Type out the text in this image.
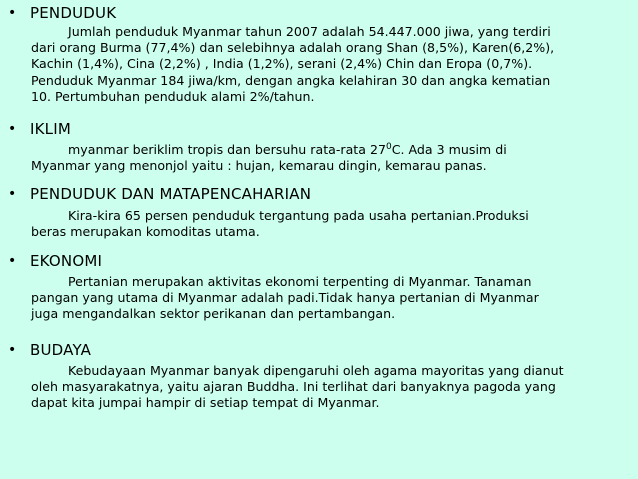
• PENDUDUK
Jumlah penduduk Myanmar tahun 2007 adalah 54.447.000 jiwa, yang terdiri
dari orang Burma (77,4%) dan selebihnya adalah orang Shan (8,5%), Karen(6,2%),
Kachin (1,4%), Cina (2,2%) , India (1,2%), serani (2,4%) Chin dan Eropa (0,7%).
Penduduk Myanmar 184 jiwa/km, dengan angka kelahiran 30 dan angka kematian
10. Pertumbuhan penduduk alami 2%/tahun.
• IKLIM
myanmar beriklim tropis dan bersuhu rata-rata $27^0C$. Ada 3 musim di
Myanmar yang menonjol yaitu : hujan, kemarau dingin, kemarau panas.
• PENDUDUK DAN MATAPENCAHARIAN
Kira-kira 65 persen penduduk tergantung pada usaha pertanian.Produksi
beras merupakan komoditas utama.
• EKONOMI
Pertanian merupakan aktivitas ekonomi terpenting di Myanmar. Tanaman
pangan yang utama di Myanmar adalah padi.Tidak hanya pertanian di Myanmar
juga mengandalkan sektor perikanan dan pertambangan.
• BUDAYA
Kebudayaan Myanmar banyak dipengaruhi oleh agama mayoritas yang dianut
oleh masyarakatnya, yaitu ajaran Buddha. Ini terlihat dari banyaknya pagoda yang
dapat kita jumpai hampir di setiap tempat di Myanmar.
